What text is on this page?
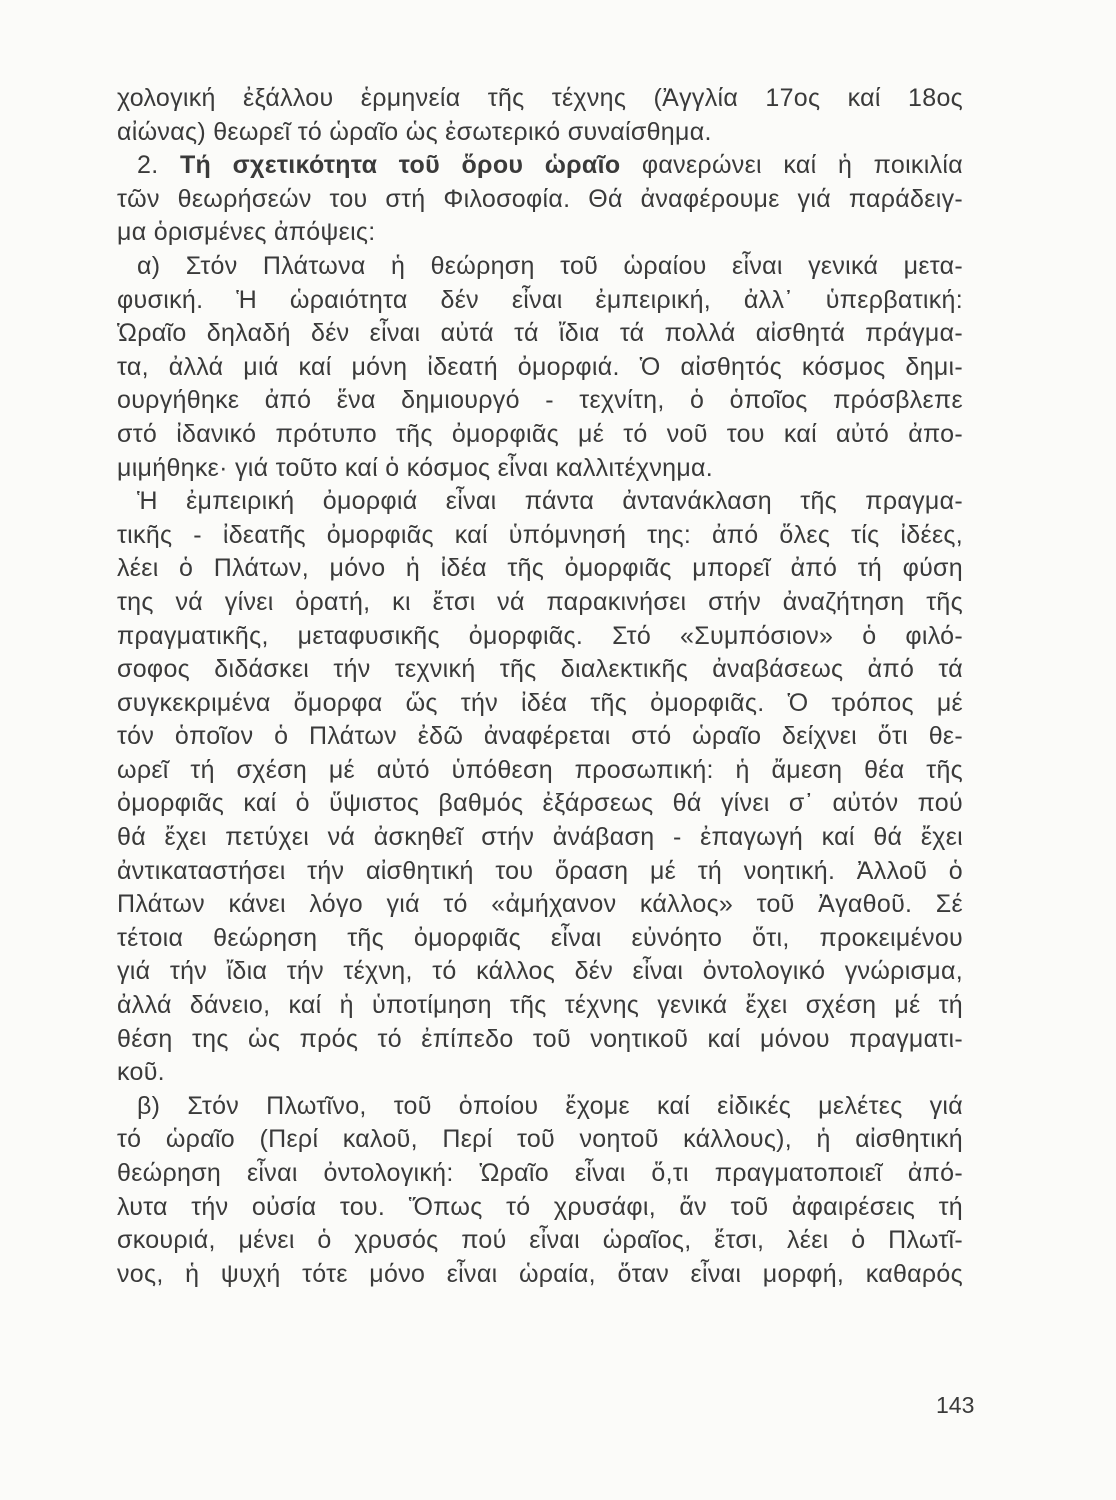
χολογική ἐξάλλου ἑρμηνεία τῆς τέχνης (Ἀγγλία 17ος καί 18ος
αἰώνας) θεωρεῖ τό ὡραῖο ὡς ἐσωτερικό συναίσθημα.
2. Τή σχετικότητα τοῦ ὅρου ὡραῖο φανερώνει καί ἡ ποικιλία
τῶν θεωρήσεών του στή Φιλοσοφία. Θά ἀναφέρουμε γιά παράδειγ-
μα ὁρισμένες ἀπόψεις:
α) Στόν Πλάτωνα ἡ θεώρηση τοῦ ὡραίου εἶναι γενικά μετα-
φυσική. Ἡ ὡραιότητα δέν εἶναι ἐμπειρική, ἀλλ᾿ ὑπερβατική:
Ὡραῖο δηλαδή δέν εἶναι αὐτά τά ἴδια τά πολλά αἰσθητά πράγμα-
τα, ἀλλά μιά καί μόνη ἰδεατή ὀμορφιά. Ὁ αἰσθητός κόσμος δημι-
ουργήθηκε ἀπό ἕνα δημιουργό - τεχνίτη, ὁ ὁποῖος πρόσβλεπε
στό ἰδανικό πρότυπο τῆς ὀμορφιᾶς μέ τό νοῦ του καί αὐτό ἀπο-
μιμήθηκε· γιά τοῦτο καί ὁ κόσμος εἶναι καλλιτέχνημα.
Ἡ ἐμπειρική ὀμορφιά εἶναι πάντα ἀντανάκλαση τῆς πραγμα-
τικῆς - ἰδεατῆς ὀμορφιᾶς καί ὑπόμνησή της: ἀπό ὅλες τίς ἰδέες,
λέει ὁ Πλάτων, μόνο ἡ ἰδέα τῆς ὀμορφιᾶς μπορεῖ ἀπό τή φύση
της νά γίνει ὁρατή, κι ἔτσι νά παρακινήσει στήν ἀναζήτηση τῆς
πραγματικῆς, μεταφυσικῆς ὀμορφιᾶς. Στό «Συμπόσιον» ὁ φιλό-
σοφος διδάσκει τήν τεχνική τῆς διαλεκτικῆς ἀναβάσεως ἀπό τά
συγκεκριμένα ὄμορφα ὥς τήν ἰδέα τῆς ὀμορφιᾶς. Ὁ τρόπος μέ
τόν ὁποῖον ὁ Πλάτων ἐδῶ ἀναφέρεται στό ὡραῖο δείχνει ὅτι θε-
ωρεῖ τή σχέση μέ αὐτό ὑπόθεση προσωπική: ἡ ἄμεση θέα τῆς
ὀμορφιᾶς καί ὁ ὕψιστος βαθμός ἐξάρσεως θά γίνει σ᾿ αὐτόν πού
θά ἔχει πετύχει νά ἀσκηθεῖ στήν ἀνάβαση - ἐπαγωγή καί θά ἔχει
ἀντικαταστήσει τήν αἰσθητική του ὅραση μέ τή νοητική. Ἀλλοῦ ὁ
Πλάτων κάνει λόγο γιά τό «ἀμήχανον κάλλος» τοῦ Ἀγαθοῦ. Σέ
τέτοια θεώρηση τῆς ὀμορφιᾶς εἶναι εὐνόητο ὅτι, προκειμένου
γιά τήν ἴδια τήν τέχνη, τό κάλλος δέν εἶναι ὀντολογικό γνώρισμα,
ἀλλά δάνειο, καί ἡ ὑποτίμηση τῆς τέχνης γενικά ἔχει σχέση μέ τή
θέση της ὡς πρός τό ἐπίπεδο τοῦ νοητικοῦ καί μόνου πραγματι-
κοῦ.
β) Στόν Πλωτῖνο, τοῦ ὁποίου ἔχομε καί εἰδικές μελέτες γιά
τό ὡραῖο (Περί καλοῦ, Περί τοῦ νοητοῦ κάλλους), ἡ αἰσθητική
θεώρηση εἶναι ὀντολογική: Ὡραῖο εἶναι ὅ,τι πραγματοποιεῖ ἀπό-
λυτα τήν οὐσία του. Ὅπως τό χρυσάφι, ἄν τοῦ ἀφαιρέσεις τή
σκουριά, μένει ὁ χρυσός πού εἶναι ὡραῖος, ἔτσι, λέει ὁ Πλωτῖ-
νος, ἡ ψυχή τότε μόνο εἶναι ὡραία, ὅταν εἶναι μορφή, καθαρός
143
